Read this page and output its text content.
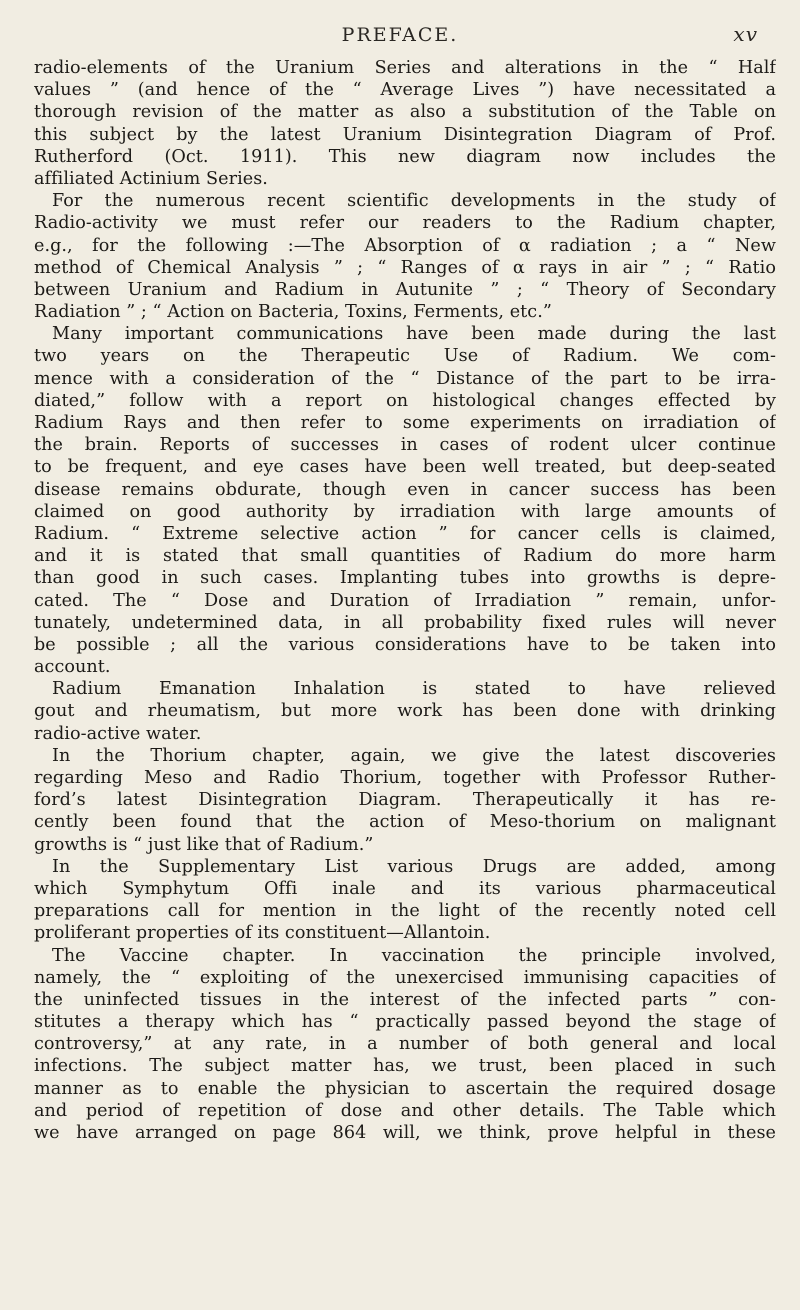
PREFACE.	xv
radio-elements of the Uranium Series and alterations in the “ Half
values ” (and hence of the “ Average Lives ”) have necessitated a
thorough revision of the matter as also a substitution of the Table on
this subject by the latest Uranium Disintegration Diagram of Prof.
Rutherford (Oct. 1911). This new diagram now includes the
affiliated Actinium Series.
For the numerous recent scientific developments in the study of
Radio-activity we must refer our readers to the Radium chapter,
e.g., for the following :—The Absorption of α radiation ; a “ New
method of Chemical Analysis ” ; “ Ranges of α rays in air ” ; “ Ratio
between Uranium and Radium in Autunite ” ; “ Theory of Secondary
Radiation ” ; “ Action on Bacteria, Toxins, Ferments, etc.”
Many important communications have been made during the last
two years on the Therapeutic Use of Radium. We com-
mence with a consideration of the “ Distance of the part to be irra-
diated,” follow with a report on histological changes effected by
Radium Rays and then refer to some experiments on irradiation of
the brain. Reports of successes in cases of rodent ulcer continue
to be frequent, and eye cases have been well treated, but deep-seated
disease remains obdurate, though even in cancer success has been
claimed on good authority by irradiation with large amounts of
Radium. “ Extreme selective action ” for cancer cells is claimed,
and it is stated that small quantities of Radium do more harm
than good in such cases. Implanting tubes into growths is depre-
cated. The “ Dose and Duration of Irradiation ” remain, unfor-
tunately, undetermined data, in all probability fixed rules will never
be possible ; all the various considerations have to be taken into
account.
Radium Emanation Inhalation is stated to have relieved
gout and rheumatism, but more work has been done with drinking
radio-active water.
In the Thorium chapter, again, we give the latest discoveries
regarding Meso and Radio Thorium, together with Professor Ruther-
ford’s latest Disintegration Diagram. Therapeutically it has re-
cently been found that the action of Meso-thorium on malignant
growths is “ just like that of Radium.”
In the Supplementary List various Drugs are added, among
which Symphytum Offi inale and its various pharmaceutical
preparations call for mention in the light of the recently noted cell
proliferant properties of its constituent—Allantoin.
The Vaccine chapter. In vaccination the principle involved,
namely, the “ exploiting of the unexercised immunising capacities of
the uninfected tissues in the interest of the infected parts ” con-
stitutes a therapy which has “ practically passed beyond the stage of
controversy,” at any rate, in a number of both general and local
infections. The subject matter has, we trust, been placed in such
manner as to enable the physician to ascertain the required dosage
and period of repetition of dose and other details. The Table which
we have arranged on page 864 will, we think, prove helpful in these
